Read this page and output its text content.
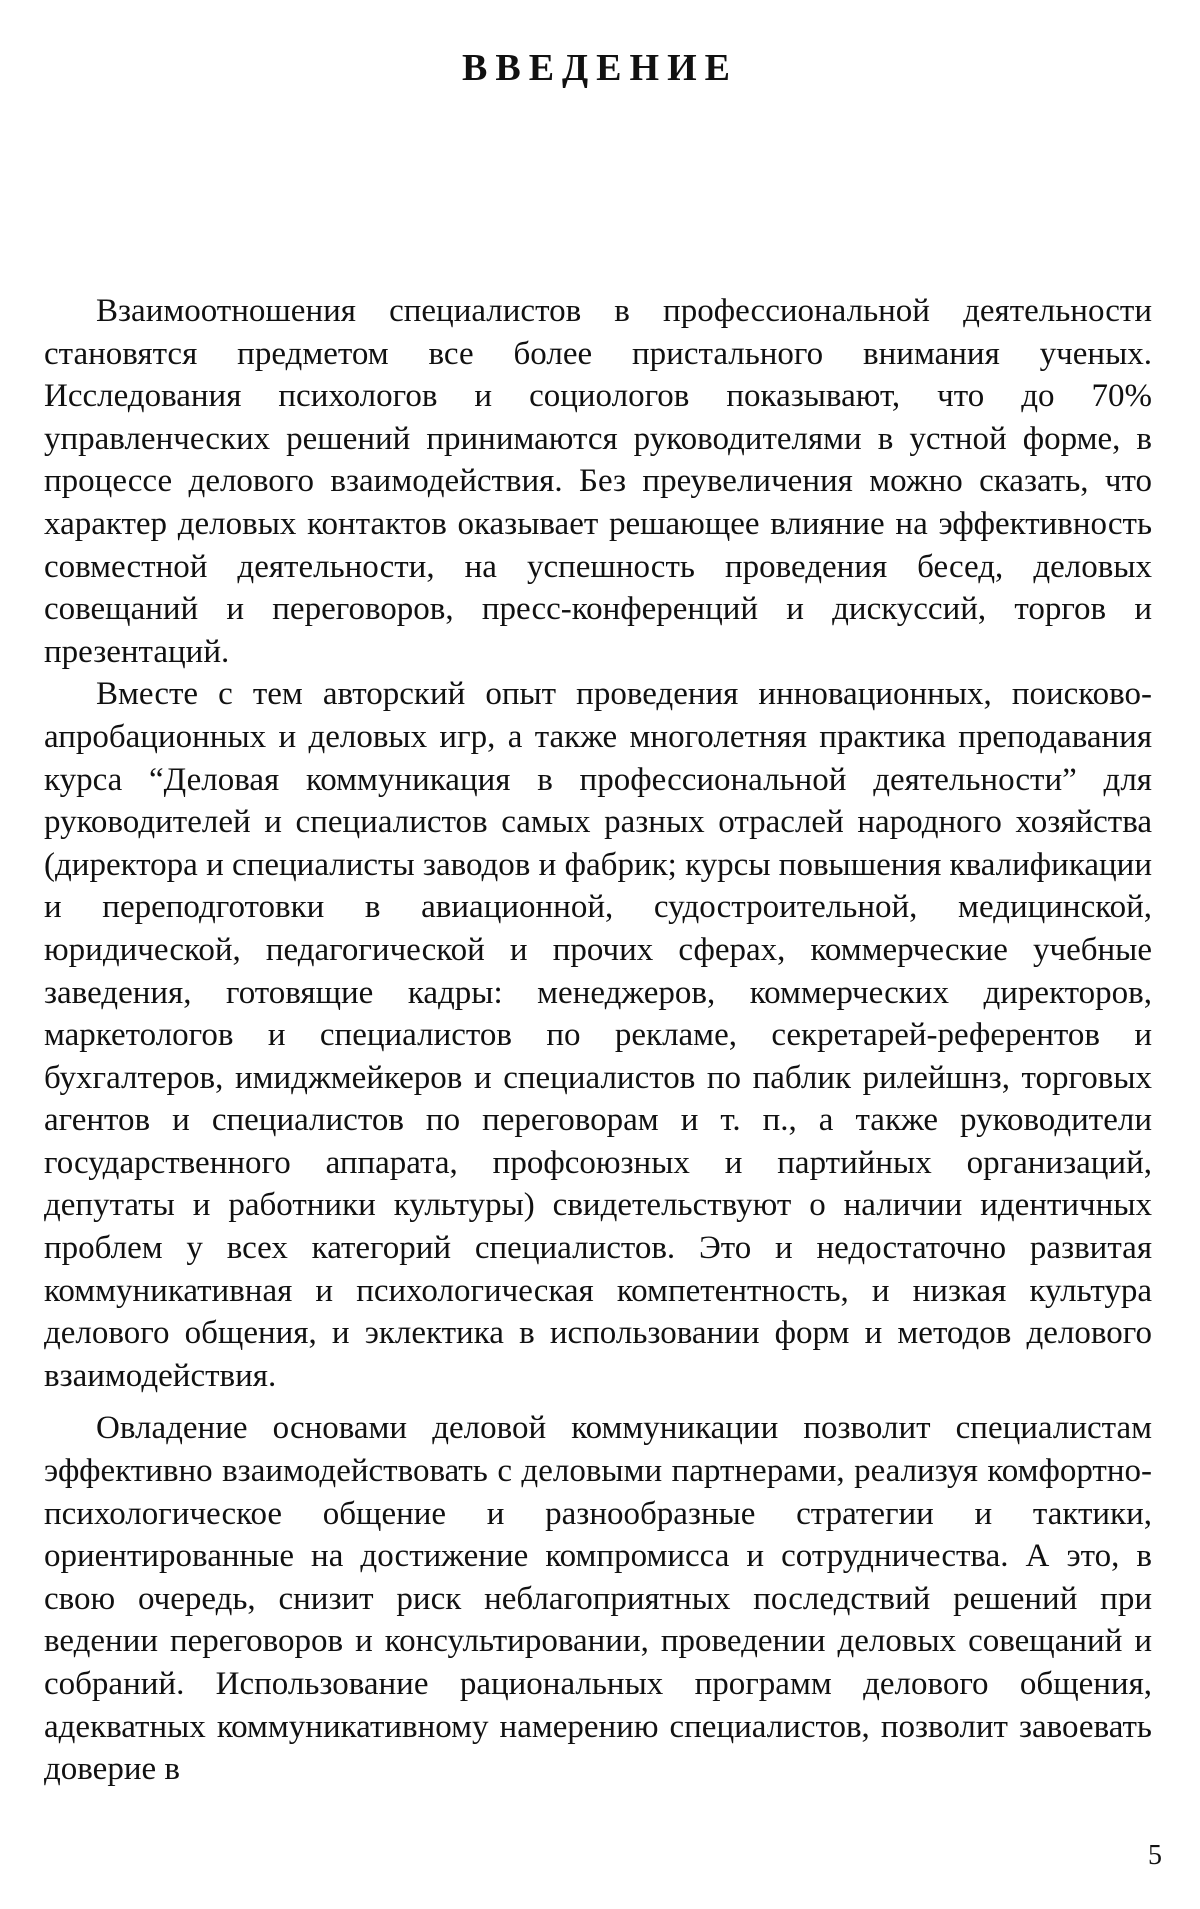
ВВЕДЕНИЕ

Взаимоотношения специалистов в профессиональной деятельности становятся предметом все более пристального внимания ученых. Исследования психологов и социологов показывают, что до 70% управленческих решений принимаются руководителями в устной форме, в процессе делового взаимодействия. Без преувеличения можно сказать, что характер деловых контактов оказывает решающее влияние на эффективность совместной деятельности, на успешность проведения бесед, деловых совещаний и переговоров, пресс-конференций и дискуссий, торгов и презентаций.

Вместе с тем авторский опыт проведения инновационных, поисково-апробационных и деловых игр, а также многолетняя практика преподавания курса “Деловая коммуникация в профессиональной деятельности” для руководителей и специалистов самых разных отраслей народного хозяйства (директора и специалисты заводов и фабрик; курсы повышения квалификации и переподготовки в авиационной, судостроительной, медицинской, юридической, педагогической и прочих сферах, коммерческие учебные заведения, готовящие кадры: менеджеров, коммерческих директоров, маркетологов и специалистов по рекламе, секретарей-референтов и бухгалтеров, имиджмейкеров и специалистов по паблик рилейшнз, торговых агентов и специалистов по переговорам и т. п., а также руководители государственного аппарата, профсоюзных и партийных организаций, депутаты и работники культуры) свидетельствуют о наличии идентичных проблем у всех категорий специалистов. Это и недостаточно развитая коммуникативная и психологическая компетентность, и низкая культура делового общения, и эклектика в использовании форм и методов делового взаимодействия.

Овладение основами деловой коммуникации позволит специалистам эффективно взаимодействовать с деловыми партнерами, реализуя комфортно-психологическое общение и разнообразные стратегии и тактики, ориентированные на достижение компромисса и сотрудничества. А это, в свою очередь, снизит риск неблагоприятных последствий решений при ведении переговоров и консультировании, проведении деловых совещаний и собраний. Использование рациональных программ делового общения, адекватных коммуникативному намерению специалистов, позволит завоевать доверие в

5
